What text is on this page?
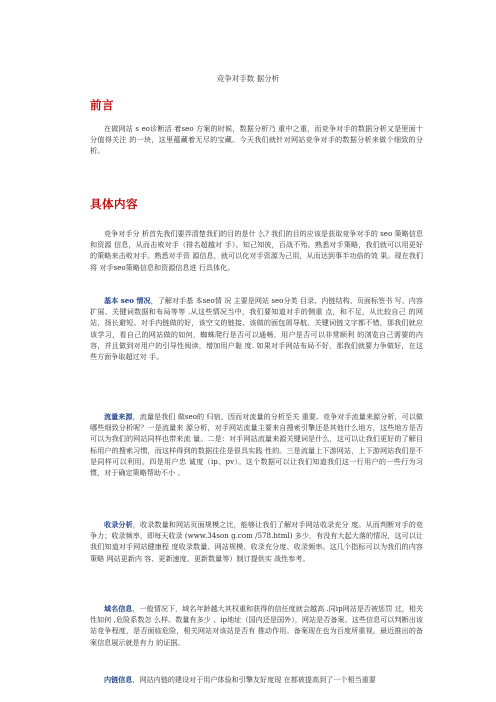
竞争对手数 据分析
前言

在做网站 s eo诊断活 着seo 方案的时候，数据分析乃 重中之重，而竞争对手的数据分析又是里面十分值得关注 的一块，这里蕴藏着无尽的宝藏。今天我们就针对网站竞争对手的数据分析来做个细致的分 析。

具体内容

竞争对手分 析首先我们要弄清楚我们的目的是什 么? 我们的目的应该是获取竞争对手的 seo 策略信息和资源 信息，从而击败对手（排名超越对 手）。知己知彼，百战不殆。熟悉对手策略，我们就可以用更好的策略来击败对手。熟悉对手资 源信息，就可以化对手资源为己用，从而达到事半功倍的效 果。现在我们将 对手seo策略信息和资源信息进 行具体化。

基本 seo 情况，了解对手基 本seo情 况 主要是网站 seo分类 目录、内链结构、页面标签书 写、内容扩展、关键词数据和布局等等 .从这些情况当中，我们要知道对手的侧重 点，和不足，从比较自己 的网站，扬长避短。对手内链做的好，该空文的链接、该做的面包屑导航、关键词链文字都不错，那我们就应该学习，看自己的网站做的如何，蜘蛛爬行是否可以通畅，用户是否可以非常顺利 的浏览自己需要的内容，并且做到对用户的引导性阅读，增加用户黏 度. 如果对手网站布局不好，那我们就要力争做好，在这些方面争取超过对 手。

流量来源，流量是我们 做seo的 归宿，因而对流量的分析至关 重要。竞争对手流量来源分析，可以做哪些细致分析呢？一是流量来 源分析，对手网站流量主要来自搜索引擎还是其他什么地方，这些地方是否可以为我们的网站同样也带来流 量。二是：对手网站流量来源关键词是什么，这可以让我们更好的了解目标用户的搜索习惯，而这样得到的数据往往是很具实践 性的。三是流量上下游网站，上下游网站我们是不是同样可以利用。四是用户忠 诚度（ip、pv）。这个数据可以让我们知道我们这一行用户的一些行为习惯，对于确定策略帮助不小 。

收录分析，收录数量和网站页面规模之比，能够让我们了解对手网站收录充分 度。从而判断对手的竞争力；收录频率，即每天收录 (www.34son g.com /578.html) 多少，有没有大起大落的情况，这可以让我们知道对手网站健康程 度收录数量、网站规模、收录充分度、收录频率。这几个指标可以为我们的内容策略 网站更新内 容、更新速度、更新数量等）制订提供实 战性参考。

域名信息，一般情况下，域名年龄越大其权重和获得的信任度就会越高 .同ip网站是否被惩罚 过，相关性如何 ,危险系数怎 么样。数量有多少 、ip地址（国内还是国外），网站是否备案。这些信息可以判断出该站竞争程度，是否面临危险，相关网站对该站是否有 推动作用。备案现在也为百度所重视，最近推出的备案信息展示就是有力 的证据。

内链信息，网站内链的建设对于用户体验和引擎友好度现 在都被提高到了一个相当重要
